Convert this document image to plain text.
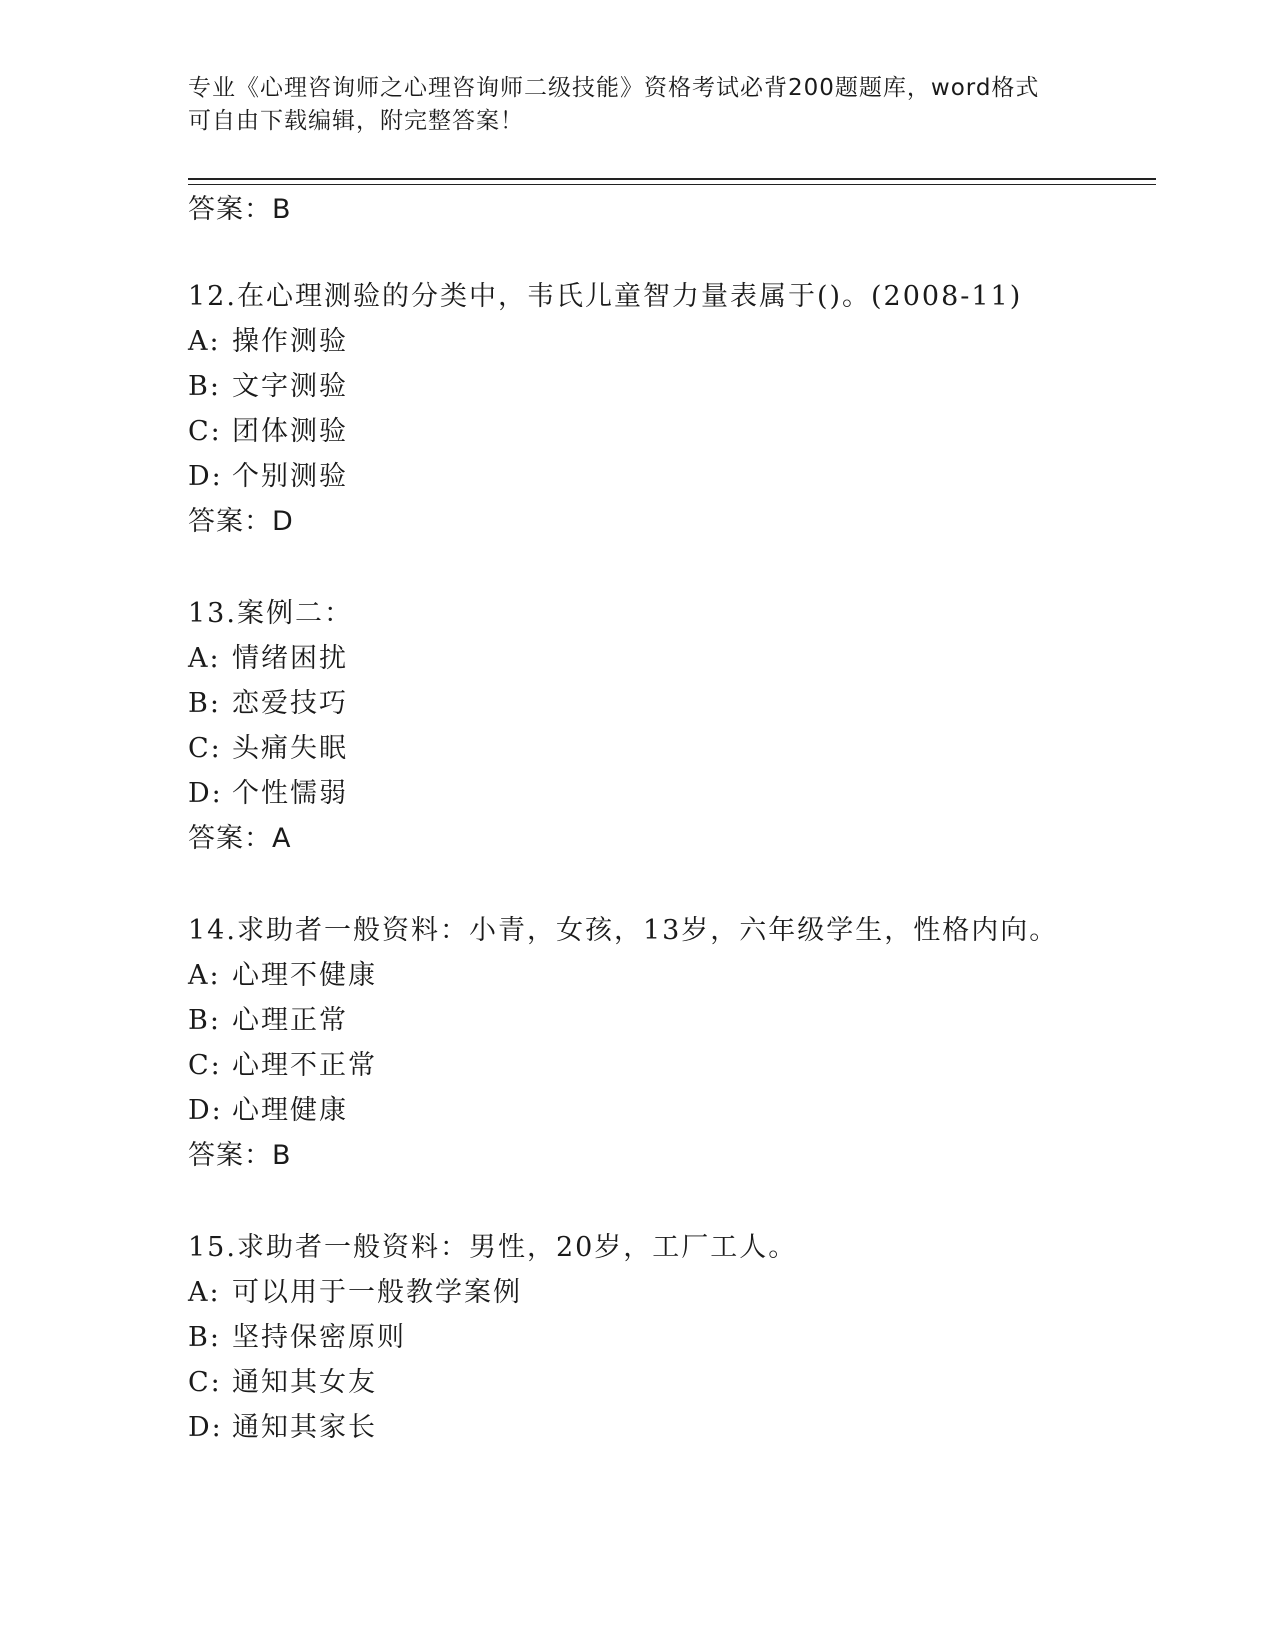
专业《心理咨询师之心理咨询师二级技能》资格考试必背200题题库，word格式
可自由下载编辑，附完整答案！
答案：B
12.在心理测验的分类中，韦氏儿童智力量表属于()。(2008-11)
A: 操作测验
B: 文字测验
C: 团体测验
D: 个别测验
答案：D
13.案例二：
A: 情绪困扰
B: 恋爱技巧
C: 头痛失眠
D: 个性懦弱
答案：A
14.求助者一般资料：小青，女孩，13岁，六年级学生，性格内向。
A: 心理不健康
B: 心理正常
C: 心理不正常
D: 心理健康
答案：B
15.求助者一般资料：男性，20岁，工厂工人。
A: 可以用于一般教学案例
B: 坚持保密原则
C: 通知其女友
D: 通知其家长
